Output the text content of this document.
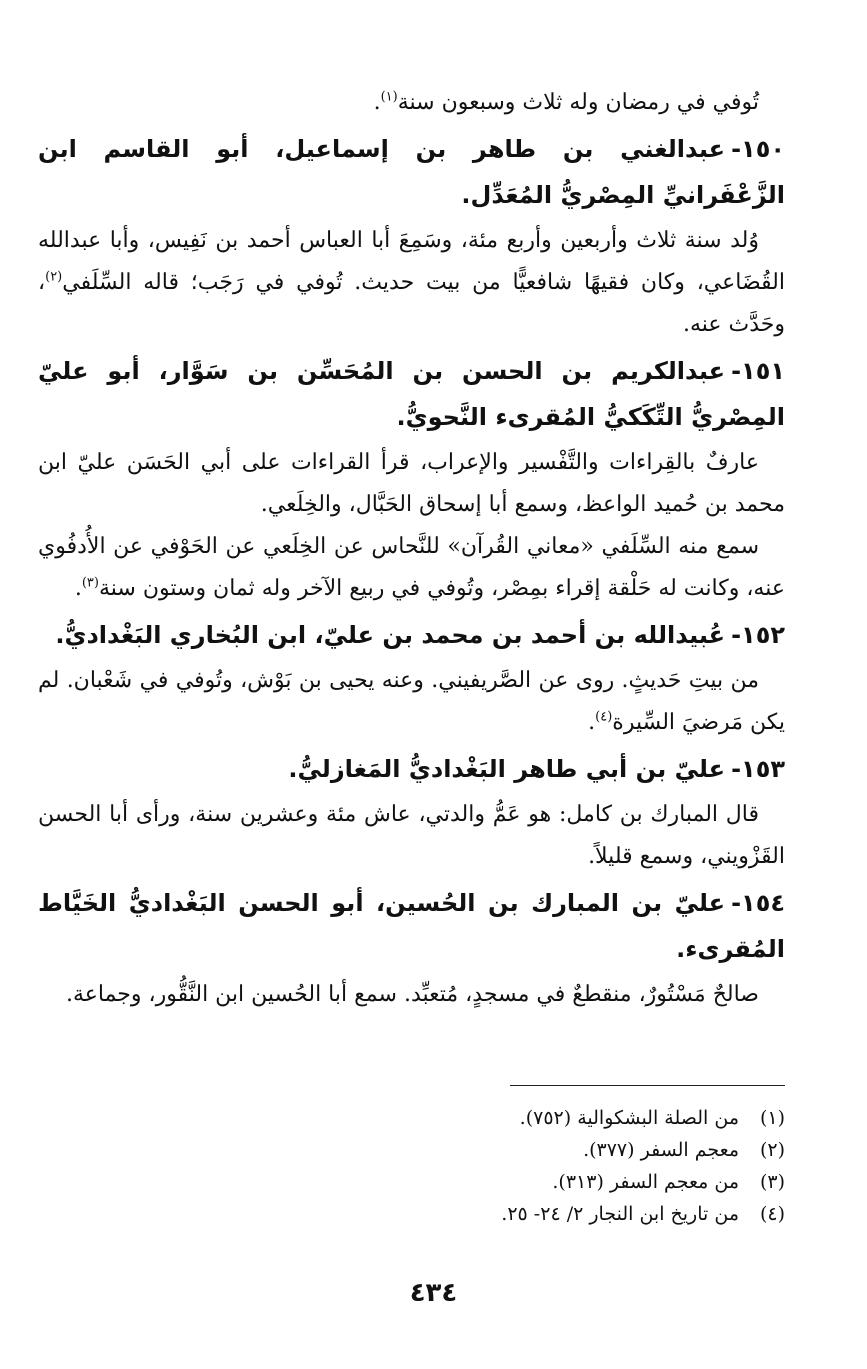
تُوفي في رمضان وله ثلاث وسبعون سنة$^{(١)}$.

١٥٠-عبدالغني بن طاهر بن إسماعيل، أبو القاسم ابن الزَّعْفَرانيِّ المِصْريُّ المُعَدِّل.

وُلد سنة ثلاث وأربعين وأربع مئة، وسَمِعَ أبا العباس أحمد بن نَفِيس، وأبا عبدالله القُضَاعي، وكان فقيهًا شافعيًّا من بيت حديث. تُوفي في رَجَب؛ قاله السِّلَفي$^{(٢)}$، وحَدَّث عنه.

١٥١-عبدالكريم بن الحسن بن المُحَسِّن بن سَوَّار، أبو عليّ المِصْريُّ التِّكَكيُّ المُقرىء النَّحويُّ.

عارفٌ بالقِراءات والتَّفْسير والإعراب، قرأ القراءات على أبي الحَسَن عليّ ابن محمد بن حُميد الواعظ، وسمع أبا إسحاق الحَبَّال، والخِلَعي.

سمع منه السِّلَفي «معاني القُرآن» للنَّحاس عن الخِلَعي عن الحَوْفي عن الأُدفُوي عنه، وكانت له حَلْقة إقراء بمِصْر، وتُوفي في ربيع الآخر وله ثمان وستون سنة$^{(٣)}$.

١٥٢-عُبيدالله بن أحمد بن محمد بن عليّ، ابن البُخاري البَغْداديُّ.

من بيتِ حَديثٍ. روى عن الصَّريفيني. وعنه يحيى بن بَوْش، وتُوفي في شَعْبان. لم يكن مَرضيَ السِّيرة$^{(٤)}$.

١٥٣-عليّ بن أبي طاهر البَغْداديُّ المَغازليُّ.

قال المبارك بن كامل: هو عَمُّ والدتي، عاش مئة وعشرين سنة، ورأى أبا الحسن القَزْويني، وسمع قليلاً.

١٥٤-عليّ بن المبارك بن الحُسين، أبو الحسن البَغْداديُّ الخَيَّاط المُقرىء.

صالحٌ مَسْتُورٌ، منقطعٌ في مسجدٍ، مُتعبِّد. سمع أبا الحُسين ابن النَّقُّور، وجماعة.

(١)
من الصلة البشكوالية (٧٥٢).

(٢)
معجم السفر (٣٧٧).

(٣)
من معجم السفر (٣١٣).

(٤)
من تاريخ ابن النجار ٢/ ٢٤- ٢٥.

٤٣٤
